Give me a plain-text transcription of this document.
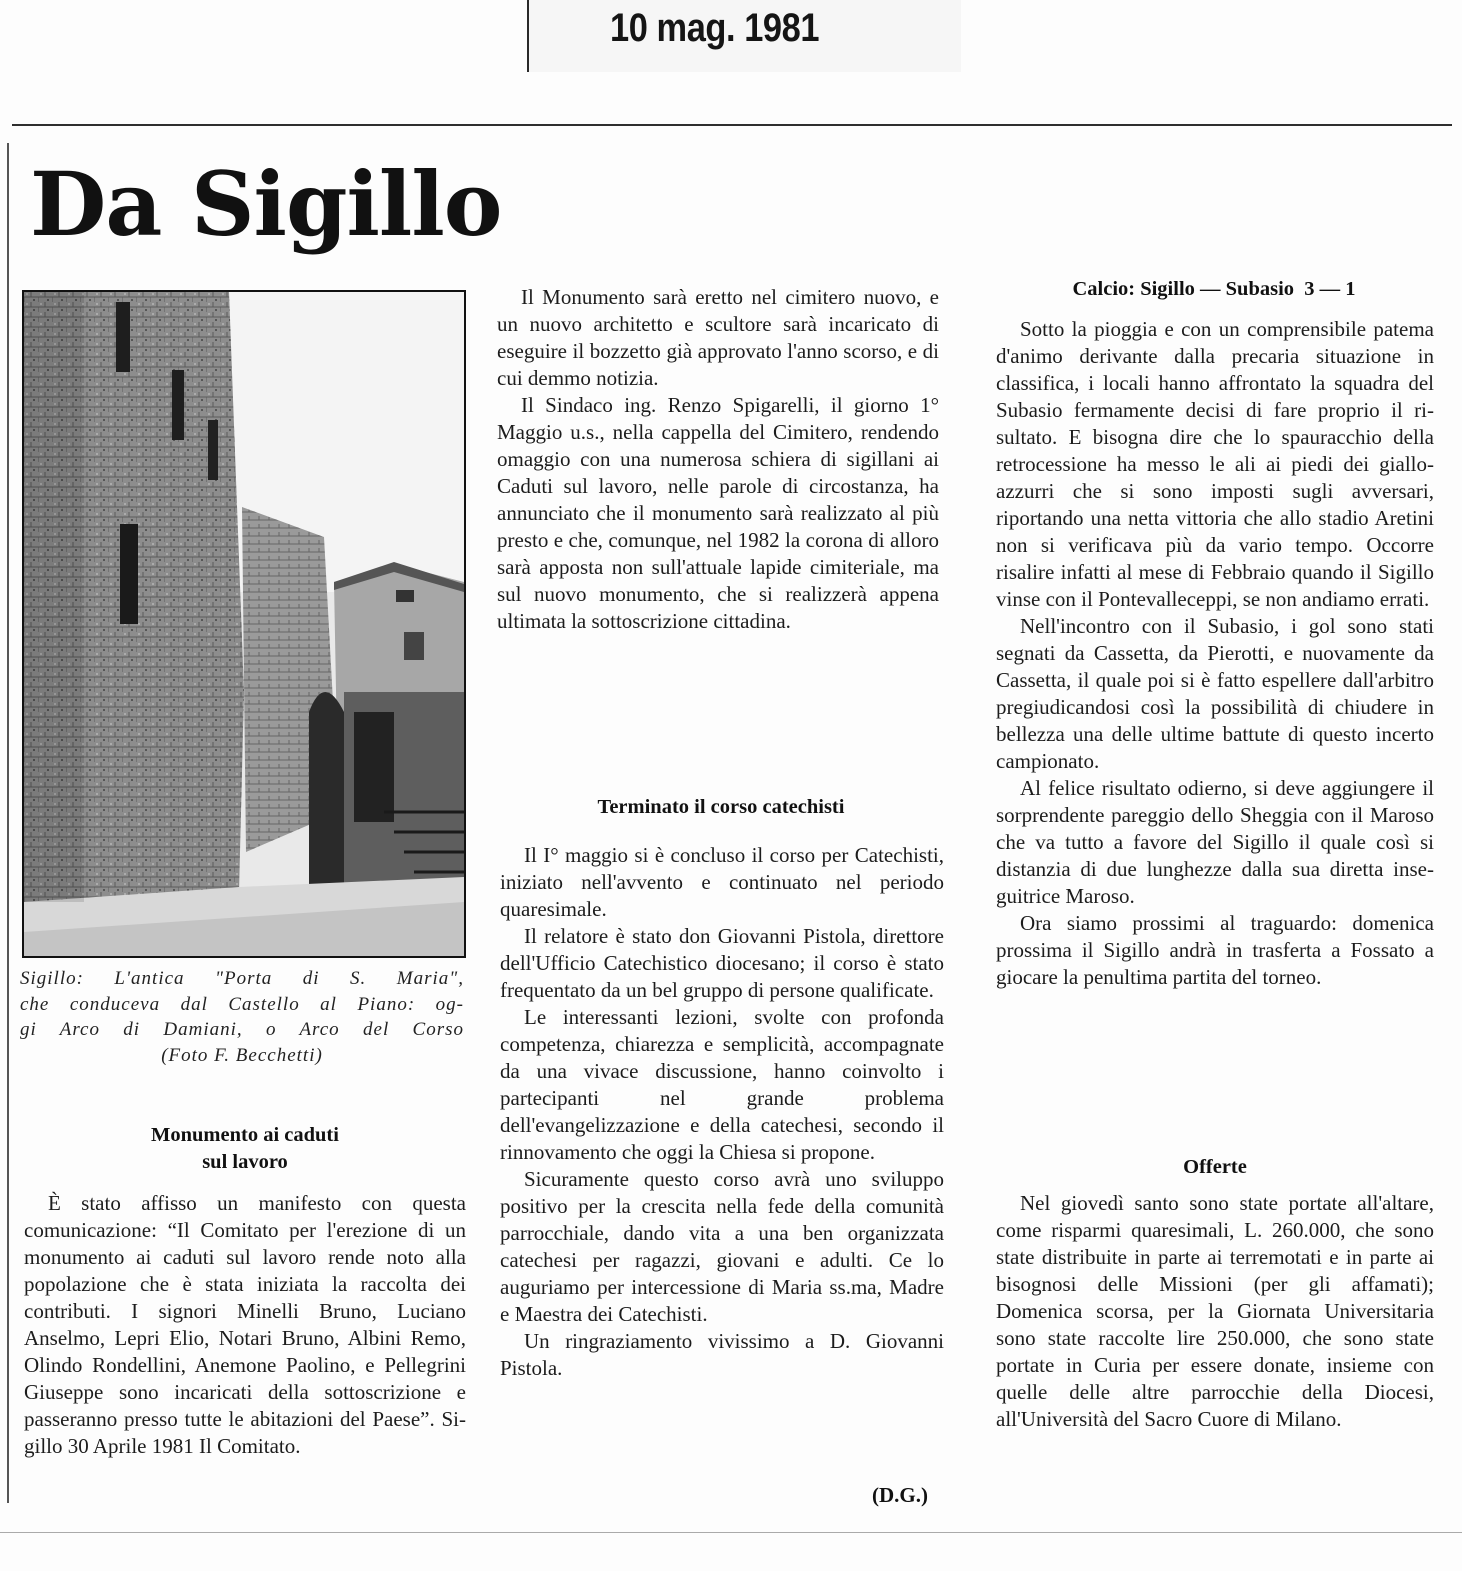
10 mag. 1981
Da Sigillo
Sigillo: L'antica "Porta di S. Maria",
che conduceva dal Castello al Piano: og-
gi Arco di Damiani, o Arco del Corso
(Foto F. Becchetti)
Monumento ai caduti
sul lavoro

È stato affisso un manifesto con questa comunicazione: “Il Comitato per l'erezione di un monumento ai caduti sul lavoro rende noto alla popolazione che è stata iniziata la raccolta dei contributi. I signori Minelli Bruno, Luciano Anselmo, Lepri Elio, Notari Bruno, Albini Remo, Olindo Rondellini, Anemone Paolino, e Pellegrini Giuseppe sono incaricati della sottoscrizione e passeranno presso tutte le abitazioni del Paese”. Sigillo 30 Aprile 1981 Il Comitato.

Il Monumento sarà eretto nel cimitero nuovo, e un nuovo architetto e scultore sarà incaricato di eseguire il bozzetto già approvato l'anno scorso, e di cui demmo notizia.

Il Sindaco ing. Renzo Spigarelli, il giorno 1° Maggio u.s., nella cappella del Cimitero, rendendo omaggio con una numerosa schiera di sigillani ai Caduti sul lavoro, nelle parole di circostanza, ha annunciato che il monumento sarà realizzato al più presto e che, comunque, nel 1982 la corona di alloro sarà apposta non sull'attuale lapide cimiteriale, ma sul nuovo monumento, che si realizzerà appena ultimata la sottoscrizione cittadina.

Terminato il corso catechisti

Il I° maggio si è concluso il corso per Catechisti, iniziato nell'avvento e continuato nel periodo quaresimale.

Il relatore è stato don Giovanni Pistola, direttore dell'Ufficio Catechistico diocesano; il corso è stato frequentato da un bel gruppo di persone qualificate.

Le interessanti lezioni, svolte con profonda competenza, chiarezza e semplicità, accompagnate da una vivace discussione, hanno coinvolto i partecipanti nel grande problema dell'evangelizzazione e della catechesi, secondo il rinnovamento che oggi la Chiesa si propone.

Sicuramente questo corso avrà uno sviluppo positivo per la crescita nella fede della comunità parrocchiale, dando vita a una ben organizzata catechesi per ragazzi, giovani e adulti. Ce lo auguriamo per intercessione di Maria ss.ma, Madre e Maestra dei Catechisti.

Un ringraziamento vivissimo a D. Giovanni Pistola.

(D.G.)
Calcio: Sigillo — Subasio  3 — 1

Sotto la pioggia e con un comprensibile patema d'animo derivante dalla precaria situazione in classifica, i locali hanno affrontato la squadra del Subasio fermamente decisi di fare proprio il risultato. E bisogna dire che lo spauracchio della retrocessione ha messo le ali ai piedi dei giallo-azzurri che si sono imposti sugli avversari, riportando una netta vittoria che allo stadio Aretini non si verificava più da vario tempo. Occorre risalire infatti al mese di Febbraio quando il Sigillo vinse con il Pontevalleceppi, se non andiamo errati.

Nell'incontro con il Subasio, i gol sono stati segnati da Cassetta, da Pierotti, e nuovamente da Cassetta, il quale poi si è fatto espellere dall'arbitro pregiudicandosi così la possibilità di chiudere in bellezza una delle ultime battute di questo incerto campionato.

Al felice risultato odierno, si deve aggiungere il sorprendente pareggio dello Sheggia con il Maroso che va tutto a favore del Sigillo il quale così si distanzia di due lunghezze dalla sua diretta inseguitrice Maroso.

Ora siamo prossimi al traguardo: domenica prossima il Sigillo andrà in trasferta a Fossato a giocare la penultima partita del torneo.

Offerte

Nel giovedì santo sono state portate all'altare, come risparmi quaresimali, L. 260.000, che sono state distribuite in parte ai terremotati e in parte ai bisognosi delle Missioni (per gli affamati); Domenica scorsa, per la Giornata Universitaria sono state raccolte lire 250.000, che sono state portate in Curia per essere donate, insieme con quelle delle altre parrocchie della Diocesi, all'Università del Sacro Cuore di Milano.
